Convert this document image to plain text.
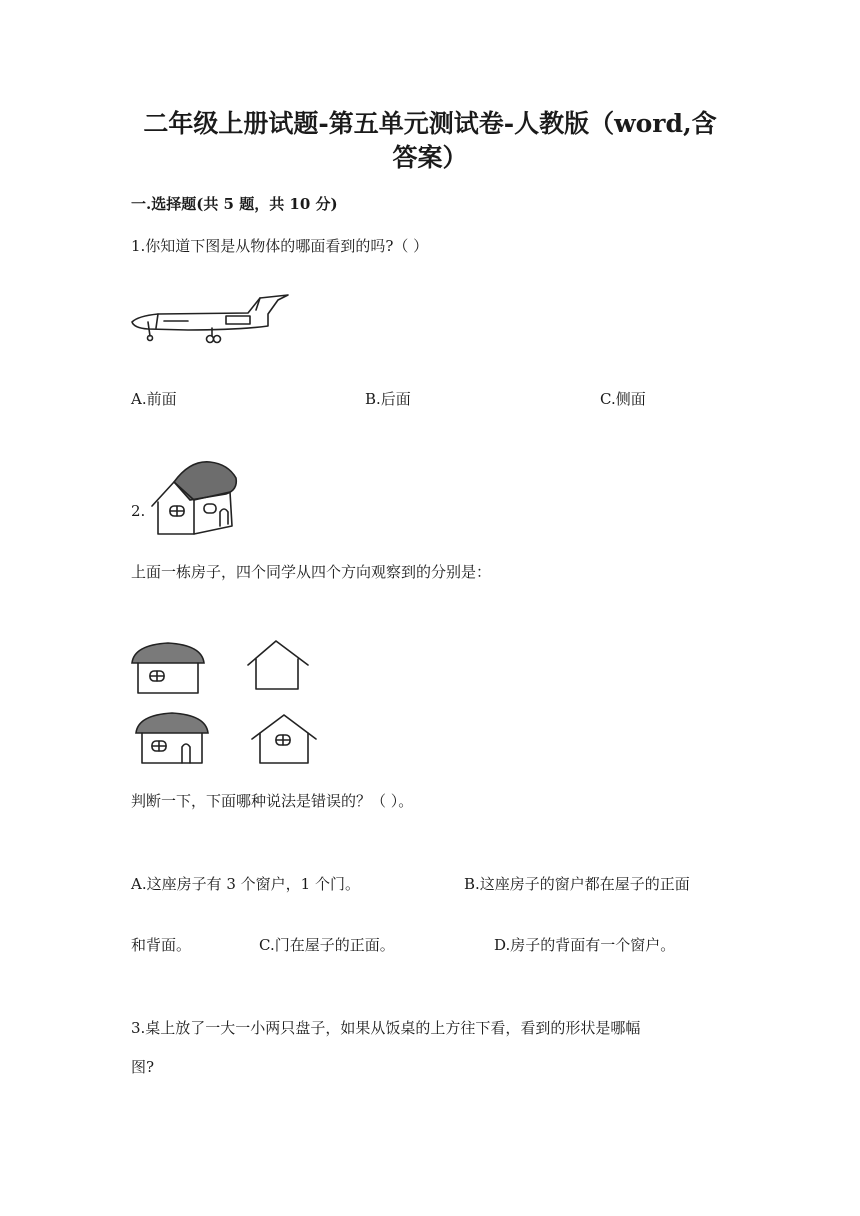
二年级上册试题-第五单元测试卷-人教版（word,含
答案）
一.选择题(共 5 题，共 10 分)
1.你知道下图是从物体的哪面看到的吗?（ ）
A.前面	B.后面	C.侧面
2.
上面一栋房子，四个同学从四个方向观察到的分别是：
判断一下，下面哪种说法是错误的？（ ）。
A.这座房子有 3 个窗户，1 个门。	B.这座房子的窗户都在屋子的正面
和背面。	C.门在屋子的正面。	D.房子的背面有一个窗户。
3.桌上放了一大一小两只盘子，如果从饭桌的上方往下看，看到的形状是哪幅
图?
